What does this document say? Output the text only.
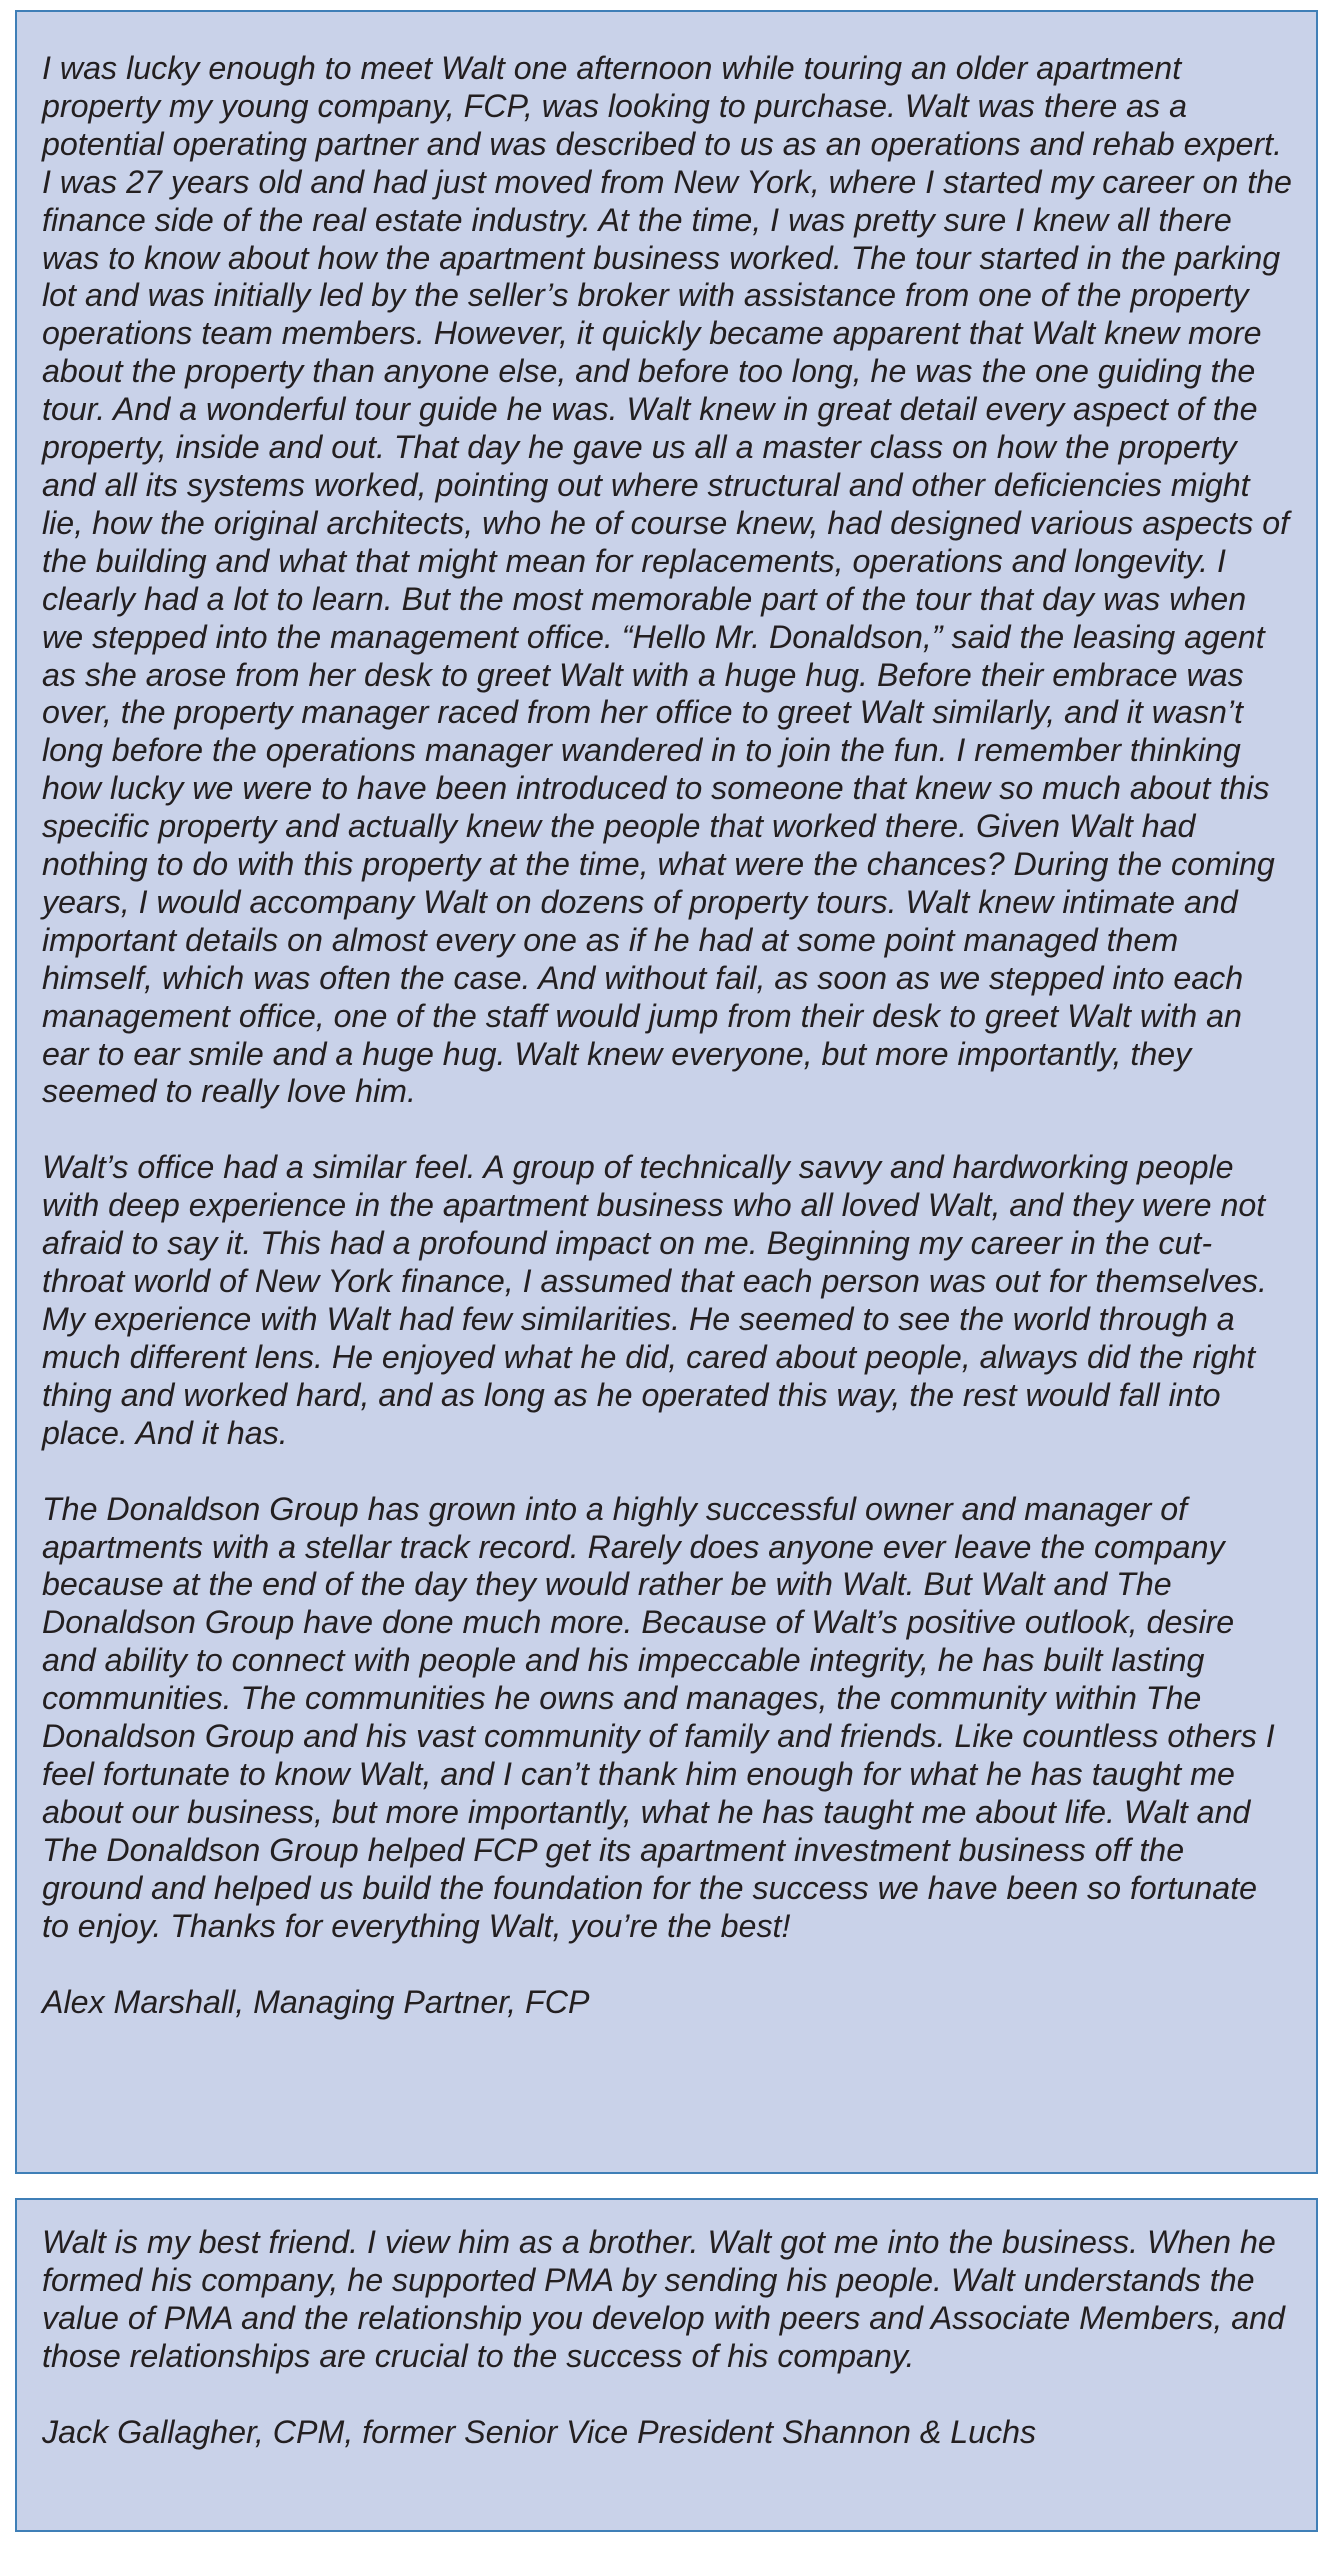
I was lucky enough to meet Walt one afternoon while touring an older apartment property my young company, FCP, was looking to purchase. Walt was there as a potential operating partner and was described to us as an operations and rehab expert. I was 27 years old and had just moved from New York, where I started my career on the finance side of the real estate industry. At the time, I was pretty sure I knew all there was to know about how the apartment business worked. The tour started in the parking lot and was initially led by the seller’s broker with assistance from one of the property operations team members. However, it quickly became apparent that Walt knew more about the property than anyone else, and before too long, he was the one guiding the tour. And a wonderful tour guide he was. Walt knew in great detail every aspect of the property, inside and out. That day he gave us all a master class on how the property and all its systems worked, pointing out where structural and other deficiencies might lie, how the original architects, who he of course knew, had designed various aspects of the building and what that might mean for replacements, operations and longevity. I clearly had a lot to learn. But the most memorable part of the tour that day was when we stepped into the management office. “Hello Mr. Donaldson,” said the leasing agent as she arose from her desk to greet Walt with a huge hug. Before their embrace was over, the property manager raced from her office to greet Walt similarly, and it wasn’t long before the operations manager wandered in to join the fun. I remember thinking how lucky we were to have been introduced to someone that knew so much about this specific property and actually knew the people that worked there. Given Walt had nothing to do with this property at the time, what were the chances? During the coming years, I would accompany Walt on dozens of property tours. Walt knew intimate and important details on almost every one as if he had at some point managed them himself, which was often the case. And without fail, as soon as we stepped into each management office, one of the staff would jump from their desk to greet Walt with an ear to ear smile and a huge hug. Walt knew everyone, but more importantly, they seemed to really love him.

Walt’s office had a similar feel. A group of technically savvy and hardworking people with deep experience in the apartment business who all loved Walt, and they were not afraid to say it. This had a profound impact on me. Beginning my career in the cut-throat world of New York finance, I assumed that each person was out for themselves. My experience with Walt had few similarities. He seemed to see the world through a much different lens. He enjoyed what he did, cared about people, always did the right thing and worked hard, and as long as he operated this way, the rest would fall into place. And it has.

The Donaldson Group has grown into a highly successful owner and manager of apartments with a stellar track record. Rarely does anyone ever leave the company because at the end of the day they would rather be with Walt. But Walt and The Donaldson Group have done much more. Because of Walt’s positive outlook, desire and ability to connect with people and his impeccable integrity, he has built lasting communities. The communities he owns and manages, the community within The Donaldson Group and his vast community of family and friends. Like countless others I feel fortunate to know Walt, and I can’t thank him enough for what he has taught me about our business, but more importantly, what he has taught me about life. Walt and The Donaldson Group helped FCP get its apartment investment business off the ground and helped us build the foundation for the success we have been so fortunate to enjoy. Thanks for everything Walt, you’re the best!

Alex Marshall, Managing Partner, FCP

Walt is my best friend. I view him as a brother. Walt got me into the business. When he formed his company, he supported PMA by sending his people. Walt understands the value of PMA and the relationship you develop with peers and Associate Members, and those relationships are crucial to the success of his company.

Jack Gallagher, CPM, former Senior Vice President Shannon & Luchs
